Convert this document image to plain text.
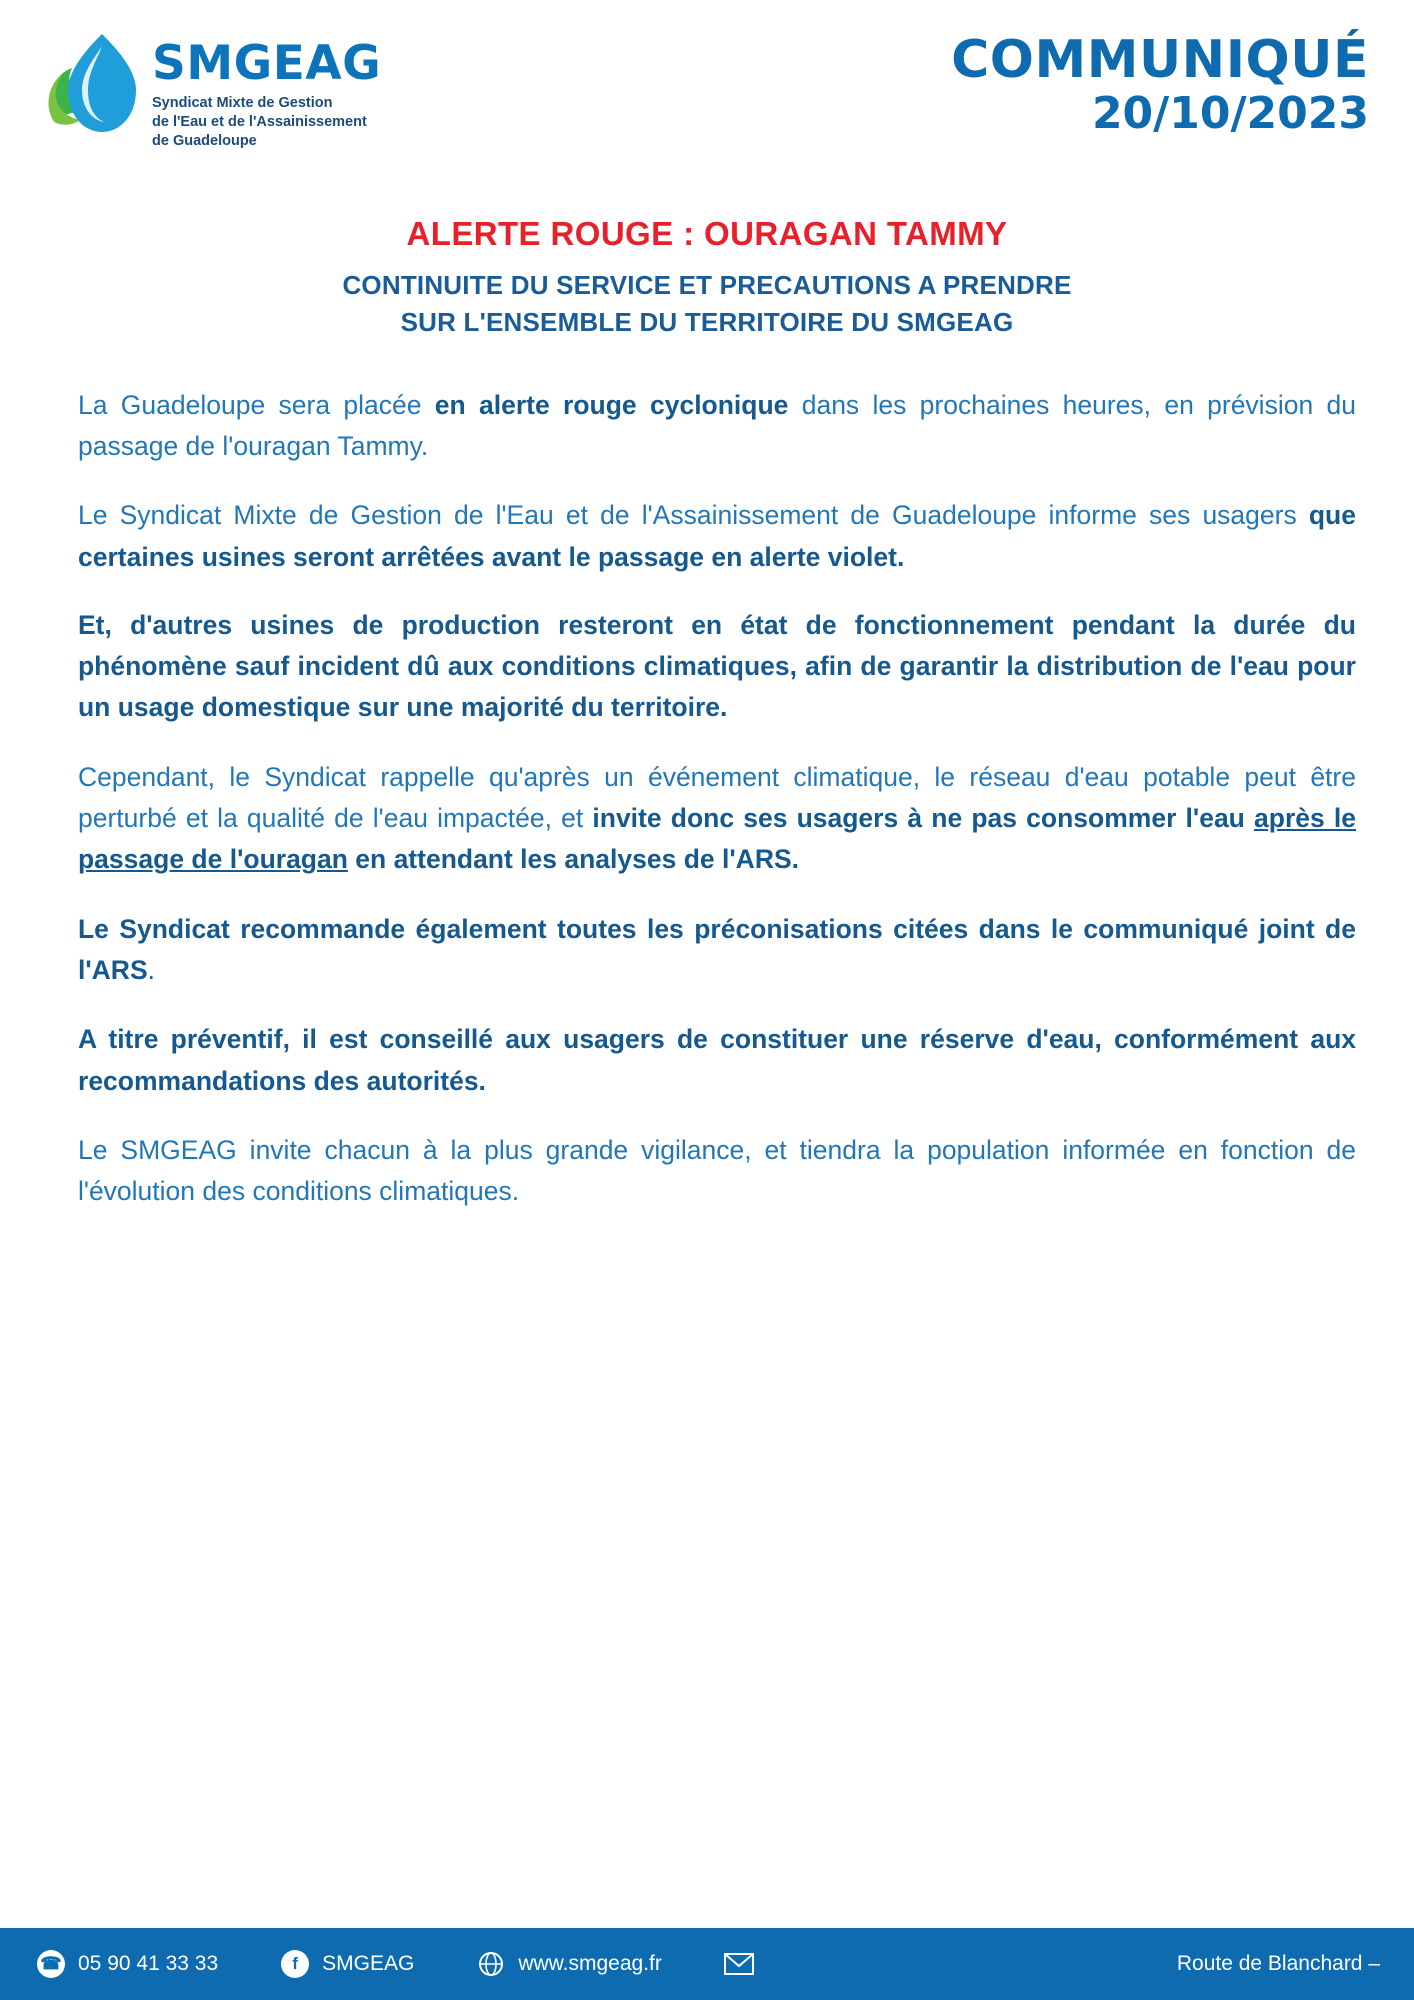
SMGEAG
Syndicat Mixte de Gestion
de l'Eau et de l'Assainissement
de Guadeloupe
COMMUNIQUÉ
20/10/2023
ALERTE ROUGE : OURAGAN TAMMY
CONTINUITE DU SERVICE ET PRECAUTIONS A PRENDRE
SUR L'ENSEMBLE DU TERRITOIRE DU SMGEAG

La Guadeloupe sera placée en alerte rouge cyclonique dans les prochaines heures, en prévision du passage de l'ouragan Tammy.

Le Syndicat Mixte de Gestion de l'Eau et de l'Assainissement de Guadeloupe informe ses usagers que certaines usines seront arrêtées avant le passage en alerte violet.

Et, d'autres usines de production resteront en état de fonctionnement pendant la durée du phénomène sauf incident dû aux conditions climatiques, afin de garantir la distribution de l'eau pour un usage domestique sur une majorité du territoire.

Cependant, le Syndicat rappelle qu'après un événement climatique, le réseau d'eau potable peut être perturbé et la qualité de l'eau impactée, et invite donc ses usagers à ne pas consommer l'eau après le passage de l'ouragan en attendant les analyses de l'ARS.

Le Syndicat recommande également toutes les préconisations citées dans le communiqué joint de l'ARS.

A titre préventif, il est conseillé aux usagers de constituer une réserve d'eau, conformément aux recommandations des autorités.

Le SMGEAG invite chacun à la plus grande vigilance, et tiendra la population informée en fonction de l'évolution des conditions climatiques.

☎ 05 90 41 33 33	f	SMGEAG	www.smgeag.fr	Route de Blanchard –
